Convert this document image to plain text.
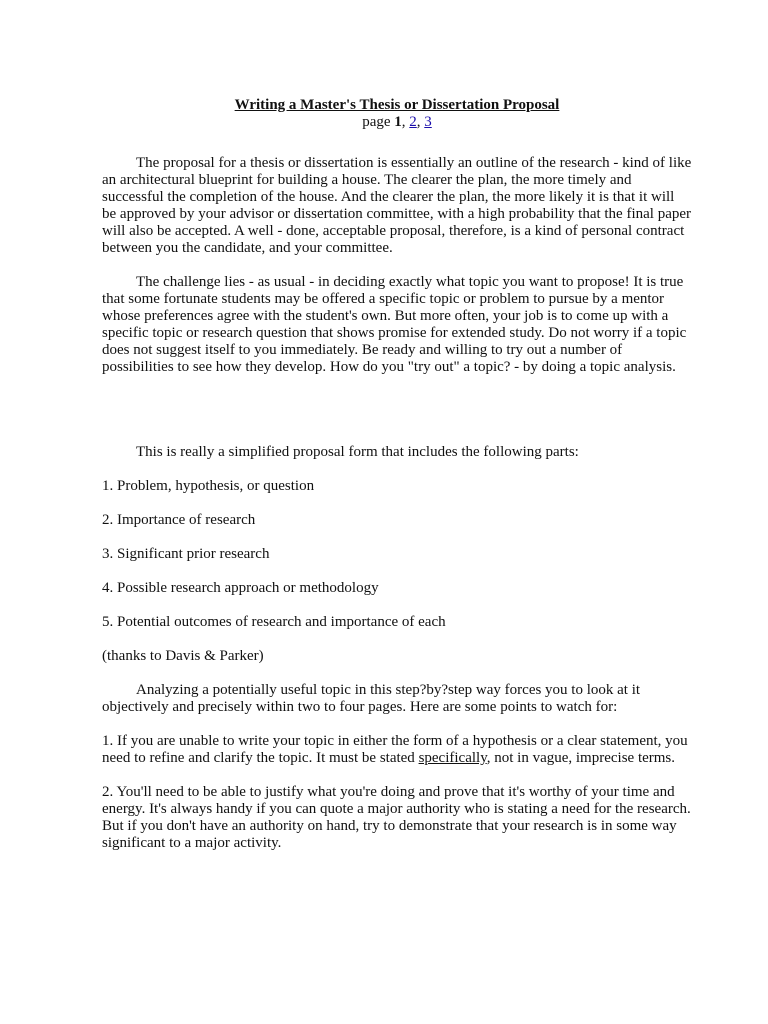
Writing a Master's Thesis or Dissertation Proposal

page 1, 2, 3

The proposal for a thesis or dissertation is essentially an outline of the research - kind of like an architectural blueprint for building a house. The clearer the plan, the more timely and successful the completion of the house. And the clearer the plan, the more likely it is that it will be approved by your advisor or dissertation committee, with a high probability that the final paper will also be accepted. A well - done, acceptable proposal, therefore, is a kind of personal contract between you the candidate, and your committee.

The challenge lies - as usual - in deciding exactly what topic you want to propose! It is true that some fortunate students may be offered a specific topic or problem to pursue by a mentor whose preferences agree with the student's own. But more often, your job is to come up with a specific topic or research question that shows promise for extended study. Do not worry if a topic does not suggest itself to you immediately. Be ready and willing to try out a number of possibilities to see how they develop. How do you "try out" a topic? - by doing a topic analysis.

This is really a simplified proposal form that includes the following parts:

1. Problem, hypothesis, or question

2. Importance of research

3. Significant prior research

4. Possible research approach or methodology

5. Potential outcomes of research and importance of each

(thanks to Davis & Parker)

Analyzing a potentially useful topic in this step?by?step way forces you to look at it objectively and precisely within two to four pages. Here are some points to watch for:

1. If you are unable to write your topic in either the form of a hypothesis or a clear statement, you need to refine and clarify the topic. It must be stated specifically, not in vague, imprecise terms.

2. You'll need to be able to justify what you're doing and prove that it's worthy of your time and energy. It's always handy if you can quote a major authority who is stating a need for the research. But if you don't have an authority on hand, try to demonstrate that your research is in some way significant to a major activity.
